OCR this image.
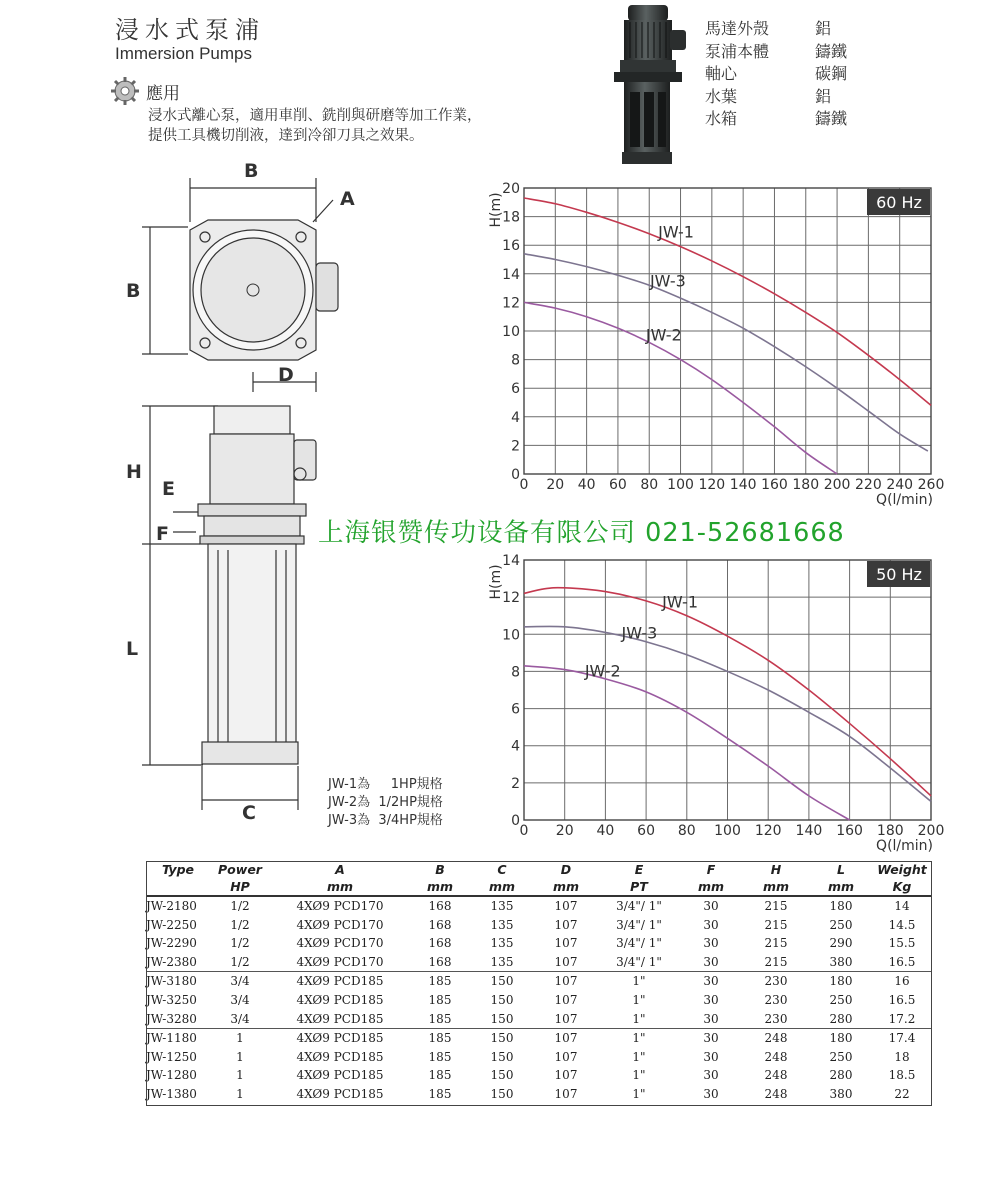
浸水式泵浦
Immersion Pumps
應用
浸水式離心泵，適用車削、銑削與研磨等加工作業，
提供工具機切削液，達到冷卻刀具之效果。
馬達外殼	鋁
泵浦本體	鑄鐵
軸心	碳鋼
水葉	鋁
水箱	鑄鐵
B
A
B
D
H
E
F
L
C
0 20 40 60 80 100 120 140 160 180 200 220 240 260
0
2
4
6
8
10
12
14
16
18
20
Q(l/min)
H(m)	60 Hz
JW-1
JW-3
JW-2
0 20 40 60 80 100 120 140 160 180 200
0
2
4
6
8
10
12
14
Q(l/min)
H(m)	50 Hz
JW-1
JW-3
JW-2
上海银赞传功设备有限公司 021-52681668
JW-1為     1HP規格
JW-2為  1/2HP規格
JW-3為  3/4HP規格
Type	Power	A	B	C	D	E	F	H	L	Weight
	HP	mm	mm	mm	mm	PT	mm	mm	mm	Kg
JW-2180	1/2	4XØ9 PCD170	168	135	107	3/4"/ 1"	30	215	180	14
JW-2250	1/2	4XØ9 PCD170	168	135	107	3/4"/ 1"	30	215	250	14.5
JW-2290	1/2	4XØ9 PCD170	168	135	107	3/4"/ 1"	30	215	290	15.5
JW-2380	1/2	4XØ9 PCD170	168	135	107	3/4"/ 1"	30	215	380	16.5
JW-3180	3/4	4XØ9 PCD185	185	150	107	1"	30	230	180	16
JW-3250	3/4	4XØ9 PCD185	185	150	107	1"	30	230	250	16.5
JW-3280	3/4	4XØ9 PCD185	185	150	107	1"	30	230	280	17.2
JW-1180	1	4XØ9 PCD185	185	150	107	1"	30	248	180	17.4
JW-1250	1	4XØ9 PCD185	185	150	107	1"	30	248	250	18
JW-1280	1	4XØ9 PCD185	185	150	107	1"	30	248	280	18.5
JW-1380	1	4XØ9 PCD185	185	150	107	1"	30	248	380	22
